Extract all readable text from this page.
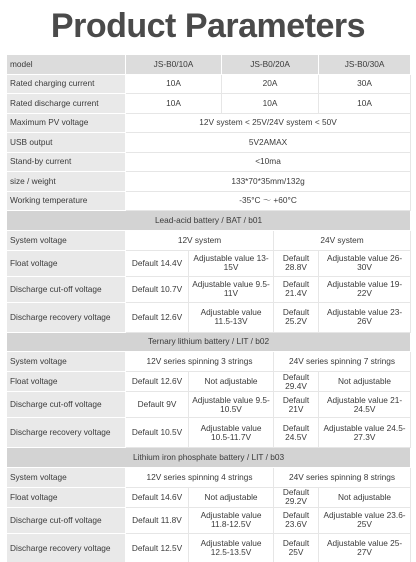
Product Parameters
model	JS-B0/10A		JS-B0/20A		JS-B0/30A
Rated charging current	10A		20A		30A
Rated discharge current	10A		10A		10A
Maximum PV voltage	12V system < 25V/24V system < 50V				
USB output	5V2AMAX				
Stand-by current	<10ma				
size / weight	133*70*35mm/132g				
Working temperature	-35°C ～ +60°C				
Lead-acid battery / BAT / b01					
System voltage	12V system			24V system	
Float voltage	Default 14.4V	Adjustable value 13-15V		Default 28.8V	Adjustable value 26-30V
Discharge cut-off voltage	Default 10.7V	Adjustable value 9.5-11V		Default 21.4V	Adjustable value 19-22V
Discharge recovery voltage	Default 12.6V	Adjustable value 11.5-13V		Default 25.2V	Adjustable value 23-26V
Ternary lithium battery / LIT / b02					
System voltage	12V series spinning 3 strings			24V series spinning 7 strings	
Float voltage	Default 12.6V	Not adjustable		Default 29.4V	Not adjustable
Discharge cut-off voltage	Default 9V	Adjustable value 9.5-10.5V		Default 21V	Adjustable value 21-24.5V
Discharge recovery voltage	Default 10.5V	Adjustable value 10.5-11.7V		Default 24.5V	Adjustable value 24.5-27.3V
Lithium iron phosphate battery / LIT / b03					
System voltage	12V series spinning 4 strings			24V series spinning 8 strings	
Float voltage	Default 14.6V	Not adjustable		Default 29.2V	Not adjustable
Discharge cut-off voltage	Default 11.8V	Adjustable value 11.8-12.5V		Default 23.6V	Adjustable value 23.6-25V
Discharge recovery voltage	Default 12.5V	Adjustable value 12.5-13.5V		Default 25V	Adjustable value 25-27V
